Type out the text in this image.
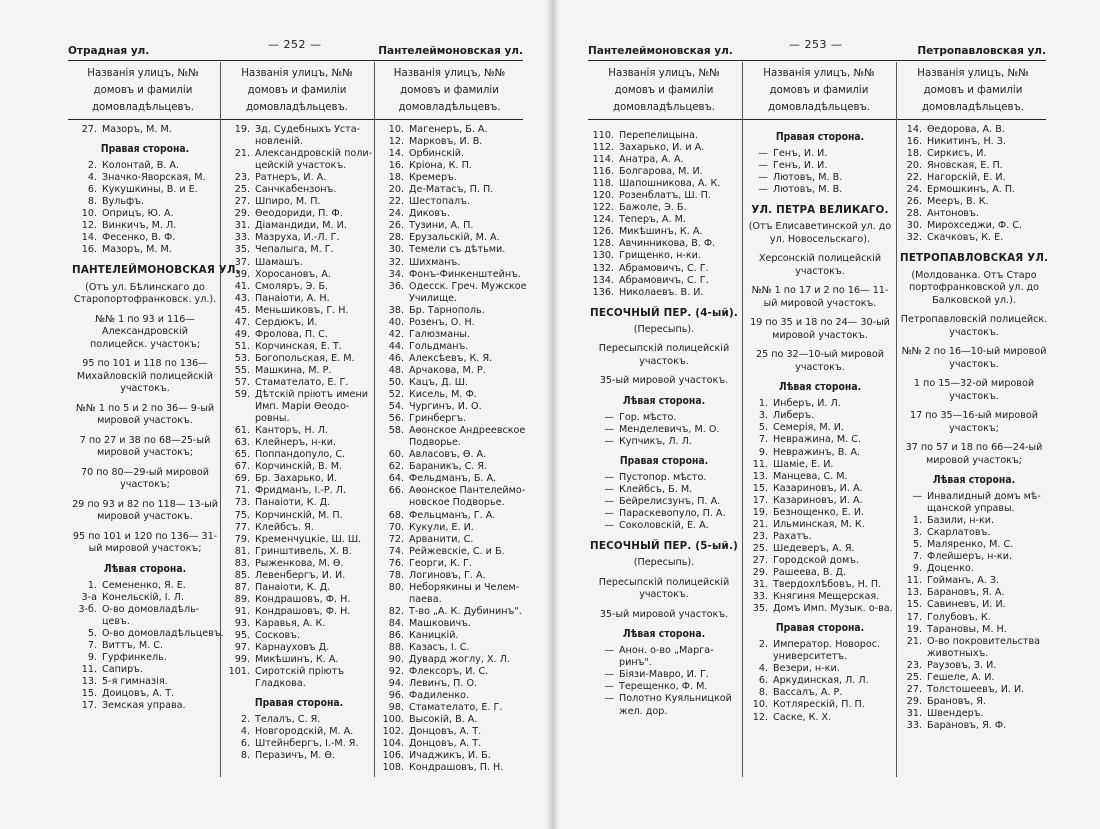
Отрадная ул.	— 252 —	Пантелеймоновская ул.
Названія улицъ, №№
домовъ и фамиліи
домовладѣльцевъ.
Названія улицъ, №№
домовъ и фамиліи
домовладѣльцевъ.
Названія улицъ, №№
домовъ и фамиліи
домовладѣльцевъ.
27. Мазоръ, М. М.
Правая сторона.
2. Колонтай, В. А.
4. Значко-Яворская, М.
6. Кукушкины, В. и Е.
8. Вульфъ.
10. Оприцъ, Ю. А.
12. Винкичъ, М. Л.
14. Фесенко, В. Ф.
16. Мазоръ, М. М.
ПАНТЕЛЕЙМОНОВСКАЯ УЛ.
(Отъ ул. Бѣлинскаго до Старопортофранковск. ул.).
№№ 1 по 93 и 116— Александровскій полицейск. участокъ;
95 по 101 и 118 по 136— Михайловскій полицейскій участокъ.
№№ 1 по 5 и 2 по 36— 9-ый мировой участокъ.
7 по 27 и 38 по 68—25-ый мировой участокъ;
70 по 80—29-ый мировой участокъ;
29 по 93 и 82 по 118— 13-ый мировой участокъ.
95 по 101 и 120 по 136— 31-ый мировой участокъ;
Лѣвая сторона.
1. Семененко, Я. Е.
3-а Конельскій, І. Л.
3-б. О-во домовладѣль-
цевъ.
5. О-во домовладѣльцевъ.
7. Виттъ, М. С.
9. Гурфинкель.
11. Сапиръ.
13. 5-я гимназія.
15. Доицовъ, А. Т.
17. Земская управа.
19. Зд. Судебныхъ Уста-
новленій.
21. Александровскій поли-
цейскій участокъ.
23. Ратнеръ, И. А.
25. Санчкабензонъ.
27. Шпиро, М. П.
29. Ѳеодориди, П. Ф.
31. Діамандиди, М. И.
33. Мазруха, И.-Л. Г.
35. Чепалыга, М. Г.
37. Шамашъ.
39. Хоросановъ, А.
41. Смоляръ, Э. Б.
43. Панаіоти, А. Н.
45. Меньшиковъ, Г. Н.
47. Сердюкъ, И.
49. Фролова, П. С.
51. Корчинская, Е. Т.
53. Богопольская, Е. М.
55. Машкина, М. Р.
57. Стамателато, Е. Г.
59. Дѣтскій пріютъ имени
Имп. Маріи Ѳеодо-
ровны.
61. Канторъ, Н. Л.
63. Клейнеръ, н-ки.
65. Поппандопуло, С.
67. Корчинскій, В. М.
69. Бр. Захарько, И.
71. Фридманъ, І.-Р. Л.
73. Панаіоти, К. Д.
75. Корчинскій, М. П.
77. Клейбсъ. Я.
79. Кременчуцкіе, Ш. Ш.
81. Гринштивель, Х. В.
83. Рыженкова, М. Ѳ.
85. Левенбергъ, И. И.
87. Панаіоти, К. Д.
89. Кондрашовъ, Ф. Н.
91. Кондрашовъ, Ф. Н.
93. Каравья, А. К.
95. Сосковъ.
97. Карнауховъ Д.
99. Микѣшинъ, К. А.
101. Сиротскій пріютъ
Гладкова.
Правая сторона.
2. Телалъ, С. Я.
4. Новгородскій, М. А.
6. Штейнбергъ, І.-М. Я.
8. Перазичъ, М. Ѳ.
10. Магенеръ, Б. А.
12. Марковъ, И. В.
14. Орбинскій.
16. Кріона, К. П.
18. Кремеръ.
20. Де-Матасъ, П. П.
22. Шестопалъ.
24. Диковъ.
26. Тузини, А. П.
28. Ерузальскій, М. А.
30. Темели съ дѣтьми.
32. Шихманъ.
34. Фонъ-Финкенштейнъ.
36. Одесск. Греч. Мужское
Училище.
38. Бр. Тарнополь.
40. Розенъ, О. Н.
42. Галюзманы.
44. Гольдманъ.
46. Алексѣевъ, К. Я.
48. Арчакова, М. Р.
50. Кацъ, Д. Ш.
52. Кисель, М. Ф.
54. Чургинъ, И. О.
56. Гринбергъ.
58. Аѳонское Андреевское
Подворье.
60. Авласовъ, Ѳ. А.
62. Бараникъ, С. Я.
64. Фельдманъ, Б. А.
66. Аѳонское Пантелеймо-
новское Подворье.
68. Фельцманъ, Г. А.
70. Кукули, Е. И.
72. Арванити, С.
74. Рейжевскіе, С. и Б.
76. Георги, К. Г.
78. Логиновъ, Г. А.
80. Неборякины и Челем-
паева.
82. Т-во „А. К. Дубининъ".
84. Машковичъ.
86. Каницкій.
88. Казасъ, І. С.
90. Дувард жоглу, Х. Л.
92. Флексоръ, И. С.
94. Левинъ, П. О.
96. Фадиленко.
98. Стамателато, Е. Г.
100. Высокій, В. А.
102. Донцовъ, А. Т.
104. Донцовъ, А. Т.
106. Ичаджикъ, И. Б.
108. Кондрашовъ, П. Н.
Пантелеймоновская ул.	— 253 —	Петропавловская ул.
Названія улицъ, №№
домовъ и фамиліи
домовладѣльцевъ.
Названія улицъ, №№
домовъ и фамиліи
домовладѣльцевъ.
Названія улицъ, №№
домовъ и фамиліи
домовладѣльцевъ.
110. Перепелицына.
112. Захарько, И. и А.
114. Анатра, А. А.
116. Болгарова, М. И.
118. Шапошникова, А. К.
120. Розенблатъ, Ш. П.
122. Бажоле, Э. Б.
124. Теперъ, А. М.
126. Микѣшинъ, К. А.
128. Авчинникова, В. Ф.
130. Грищенко, н-ки.
132. Абрамовичъ, С. Г.
134. Абрамовичъ, С. Г.
136. Николаевъ. В. И.
ПЕСОЧНЫЙ ПЕР. (4-ый).
(Пересыпь).
Пересыпскій полицейскій участокъ.
35-ый мировой участокъ.
Лѣвая сторона.
— Гор. мѣсто.
— Менделевичъ, М. О.
— Купчикъ, Л. Л.
Правая сторона.
— Пустопор. мѣсто.
— Клейбсъ, Б. М.
— Бейрелисзунъ, П. А.
— Параскевопуло, П. А.
— Соколовскій, Е. А.
ПЕСОЧНЫЙ ПЕР. (5-ый.)
(Пересыпь).
Пересыпскій полицейскій участокъ.
35-ый мировой участокъ.
Лѣвая сторона.
— Анон. о-во „Марга-
ринъ".
— Біязи-Мавро, И. Г.
— Терещенко, Ф. М.
— Полотно Куяльницкой
жел. дор.
Правая сторона.
— Генъ, И. И.
— Генъ, И. И.
— Лютовъ, М. В.
— Лютовъ, М. В.
УЛ. ПЕТРА ВЕЛИКАГО.
(Отъ Елисаветинской ул. до ул. Новосельскаго).
Херсонскій полицейскій участокъ.
№№ 1 по 17 и 2 по 16— 11-ый мировой участокъ.
19 по 35 и 18 по 24— 30-ый мировой участокъ.
25 по 32—10-ый мировой участокъ.
Лѣвая сторона.
1. Инберъ, И. Л.
3. Либеръ.
5. Семерія, М. И.
7. Невражина, М. С.
9. Невражинъ, В. А.
11. Шаміе, Е. И.
13. Манцева, С. М.
15. Казариновъ, И. А.
17. Казариновъ, И. А.
19. Безнощенко, Е. И.
21. Ильминская, М. К.
23. Рахатъ.
25. Шедеверъ, А. Я.
27. Городской домъ.
29. Рашеева, В. Д.
31. Твердохлѣбовъ, Н. П.
33. Княгиня Мещерская.
35. Домъ Имп. Музык. о-ва.
Правая сторона.
2. Император. Новорос.
университетъ.
4. Везери, н-ки.
6. Аркудинская, Л. Л.
8. Вассалъ, А. Р.
10. Котлярескій, П. П.
12. Саске, К. Х.
14. Ѳедорова, А. В.
16. Никитинъ, Н. З.
18. Сиркисъ, И.
20. Яновская, Е. П.
22. Нагорскій, Е. И.
24. Ермошкинъ, А. П.
26. Мееръ, В. К.
28. Антоновъ.
30. Мирохседжи, Ф. С.
32. Скачковъ, К. Е.
ПЕТРОПАВЛОВСКАЯ УЛ.
(Молдованка. Отъ Старо портофранковской ул. до Балковской ул.).
Петропавловскій полицейск. участокъ.
№№ 2 по 16—10-ый мировой участокъ.
1 по 15—32-ой мировой участокъ.
17 по 35—16-ый мировой участокъ;
37 по 57 и 18 по 66—24-ый мировой участокъ;
Лѣвая сторона.
— Инвалидный домъ мѣ-
щанской управы.
1. Базили, н-ки.
3. Скарлатовъ.
5. Маляренко, М. С.
7. Флейшеръ, н-ки.
9. Доценко.
11. Гойманъ, А. З.
13. Барановъ, Я. А.
15. Савиневъ, И. И.
17. Голубовъ, К.
19. Тарановы, М. Н.
21. О-во покровительства
животныхъ.
23. Раузовъ, З. И.
25. Гешеле, А. И.
27. Толстошеевъ, И. И.
29. Брановъ, Я.
31. Швендеръ.
33. Барановъ, Я. Ф.
